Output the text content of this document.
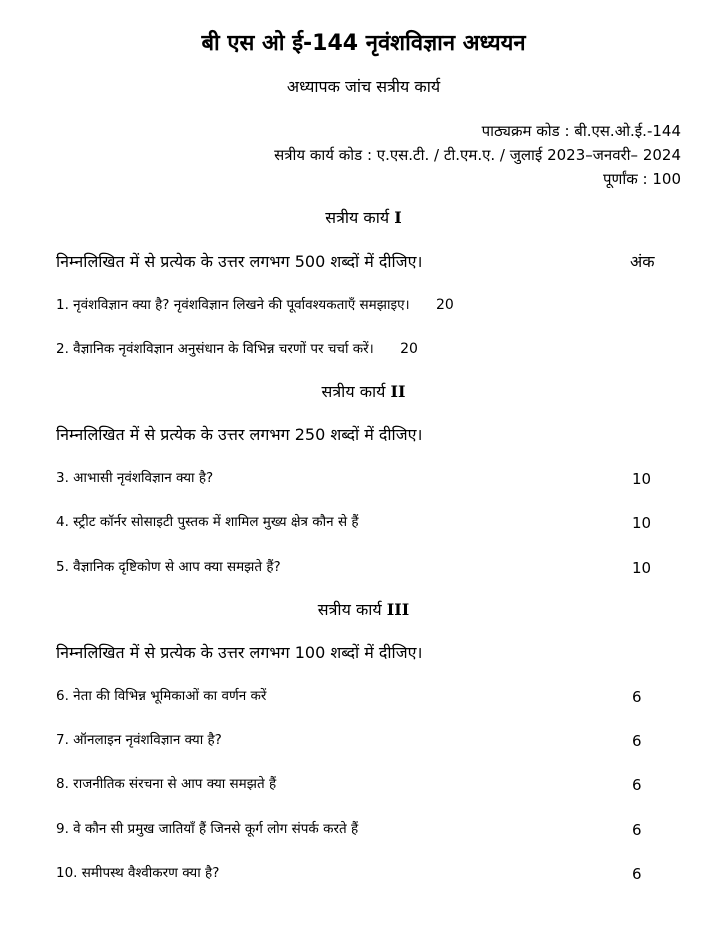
बी एस ओ ई-144 नृवंशविज्ञान अध्ययन
अध्यापक जांच सत्रीय कार्य
पाठ्यक्रम कोड : बी.एस.ओ.ई.-144
सत्रीय कार्य कोड : ए.एस.टी. / टी.एम.ए. / जुलाई 2023–जनवरी– 2024
पूर्णांक : 100
सत्रीय कार्य I
निम्नलिखित में से प्रत्येक के उत्तर लगभग 500 शब्दों में दीजिए।	अंक
1. नृवंशविज्ञान क्या है? नृवंशविज्ञान लिखने की पूर्वावश्यकताएँ समझाइए। 20
2. वैज्ञानिक नृवंशविज्ञान अनुसंधान के विभिन्न चरणों पर चर्चा करें। 20
सत्रीय कार्य II
निम्नलिखित में से प्रत्येक के उत्तर लगभग 250 शब्दों में दीजिए।
3. आभासी नृवंशविज्ञान क्या है?	10
4. स्ट्रीट कॉर्नर सोसाइटी पुस्तक में शामिल मुख्य क्षेत्र कौन से हैं	10
5. वैज्ञानिक दृष्टिकोण से आप क्या समझते हैं?	10
सत्रीय कार्य III
निम्नलिखित में से प्रत्येक के उत्तर लगभग 100 शब्दों में दीजिए।
6. नेता की विभिन्न भूमिकाओं का वर्णन करें	6
7. ऑनलाइन नृवंशविज्ञान क्या है?	6
8. राजनीतिक संरचना से आप क्या समझते हैं	6
9. वे कौन सी प्रमुख जातियाँ हैं जिनसे कूर्ग लोग संपर्क करते हैं	6
10. समीपस्थ वैश्वीकरण क्या है?	6
